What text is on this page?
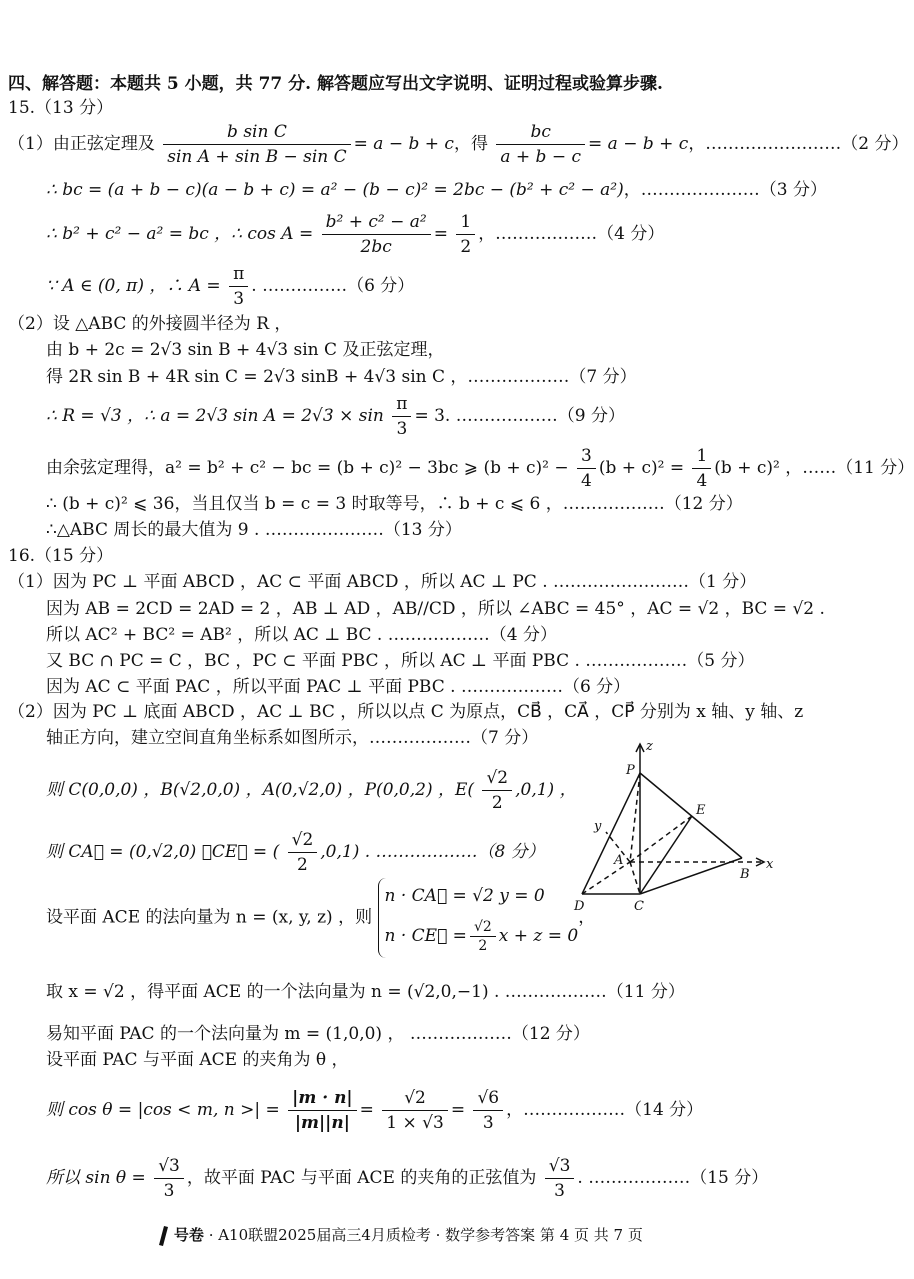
四、解答题：本题共 5 小题，共 77 分. 解答题应写出文字说明、证明过程或验算步骤.
15.（13 分）
（1）由正弦定理及 $\frac{\text{b sin C}}{\text{sin A + sin B − sin C}} = a - b + c$，得 $\frac{bc}{a + b - c} = a - b + c$，……………………（2 分）
∴ bc = (a + b − c)(a − b + c) = a² − (b − c)² = 2bc − (b² + c² − a²)，…………………（3 分）
∴ b² + c² − a² = bc ，∴ $\cos A = \frac{\text{b² + c² − a²}}{2bc} = \frac{1}{2}$ ，………………（4 分）
∵ A ∈ (0, π) ，∴ $A = \frac{\pi}{3}$ . ……………（6 分）
（2）设 △ABC 的外接圆半径为 R ，
由 b + 2c = 2√3 sin B + 4√3 sin C 及正弦定理，
得 2R sin B + 4R sin C = 2√3 sinB + 4√3 sin C ，………………（7 分）
∴ R = √3 ，∴ a = 2√3 $\sin A = 2√3 \times \sin \frac{\pi}{3} = 3$. ………………（9 分）
由余弦定理得，a² = b² + c² − bc = (b + c)² − 3bc ⩾ $(b + c)^2 - \frac{3}{4} (b + c)^2 = \frac{1}{4} (b + c)^2$ ，……（11 分）
∴ (b + c)² ⩽ 36，当且仅当 b = c = 3 时取等号，∴ b + c ⩽ 6 ，………………（12 分）
∴△ABC 周长的最大值为 9 . …………………（13 分）
16.（15 分）
（1）因为 PC ⊥ 平面 ABCD ，AC ⊂ 平面 ABCD ，所以 AC ⊥ PC . ……………………（1 分）
因为 AB = 2CD = 2AD = 2 ，AB ⊥ AD ，AB//CD ，所以 ∠ABC = 45° ，AC = √2 ，BC = √2 .
所以 AC² + BC² = AB² ，所以 AC ⊥ BC . ………………（4 分）
又 BC ∩ PC = C ，BC ，PC ⊂ 平面 PBC ，所以 AC ⊥ 平面 PBC . ………………（5 分）
因为 AC ⊂ 平面 PAC ，所以平面 PAC ⊥ 平面 PBC . ………………（6 分）
（2）因为 PC ⊥ 底面 ABCD ，AC ⊥ BC ，所以以点 C 为原点，CB⃗ ，CA⃗ ，CP⃗ 分别为 x 轴、y 轴、z
轴正方向，建立空间直角坐标系如图所示，………………（7 分）
则 C(0,0,0) ，B(√2,0,0) ，A(0,√2,0) ，P(0,0,2) ，$E( \frac{√2}{2} ,0,1)$ ，
则 CA⃗ = (0,√2,0) ，CE⃗ = ( $\frac{√2}{2} ,0,1$) . ………………（8 分）
设平面 ACE 的法向量为 n = (x, y, z) ，则
n · CA⃗ = √2 y = 0
n · CE⃗ = $\frac{√2}{2}$ x + z = 0
，
取 x = √2 ，得平面 ACE 的一个法向量为 n = (√2,0,−1) . ………………（11 分）
易知平面 PAC 的一个法向量为 m = (1,0,0) ， ………………（12 分）
设平面 PAC 与平面 ACE 的夹角为 θ ，
则 cos θ = |cos < m, n >| = $\frac{|m \cdot n|}{|m||n|} = \frac{√2}{1 \times √3} = \frac{√6}{3}$ ，………………（14 分）
所以 $\sin \theta = \frac{√3}{3}$ ，故平面 PAC 与平面 ACE 的夹角的正弦值为 $\frac{√3}{3}$ . ………………（15 分）
z
P
y
E
A	x
B
D	C
号卷 · A10联盟2025届高三4月质检考 · 数学参考答案 第 4 页 共 7 页
